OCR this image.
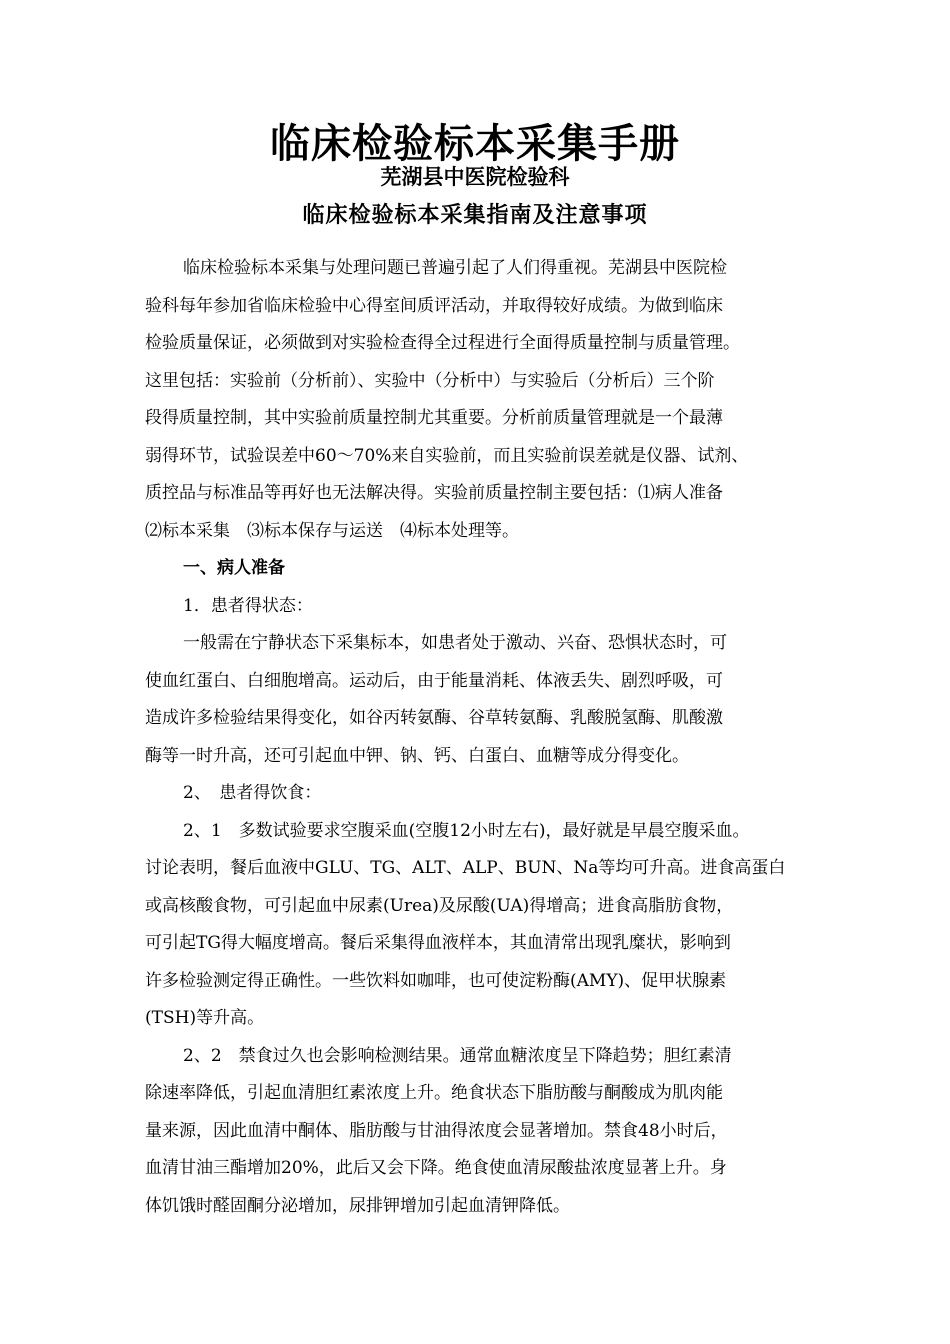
临床检验标本采集手册
芜湖县中医院检验科
临床检验标本采集指南及注意事项
临床检验标本采集与处理问题已普遍引起了人们得重视。芜湖县中医院检
验科每年参加省临床检验中心得室间质评活动，并取得较好成绩。为做到临床
检验质量保证，必须做到对实验检查得全过程进行全面得质量控制与质量管理。
这里包括：实验前（分析前）、实验中（分析中）与实验后（分析后）三个阶
段得质量控制，其中实验前质量控制尤其重要。分析前质量管理就是一个最薄
弱得环节，试验误差中60～70%来自实验前，而且实验前误差就是仪器、试剂、
质控品与标准品等再好也无法解决得。实验前质量控制主要包括：⑴病人准备
⑵标本采集　⑶标本保存与运送　⑷标本处理等。
一、病人准备
1．患者得状态：
一般需在宁静状态下采集标本，如患者处于激动、兴奋、恐惧状态时，可
使血红蛋白、白细胞增高。运动后，由于能量消耗、体液丢失、剧烈呼吸，可
造成许多检验结果得变化，如谷丙转氨酶、谷草转氨酶、乳酸脱氢酶、肌酸激
酶等一时升高，还可引起血中钾、钠、钙、白蛋白、血糖等成分得变化。
2、　患者得饮食：
2、1　多数试验要求空腹采血(空腹12小时左右)，最好就是早晨空腹采血。
讨论表明，餐后血液中GLU、TG、ALT、ALP、BUN、Na等均可升高。进食高蛋白
或高核酸食物，可引起血中尿素(Urea)及尿酸(UA)得增高；进食高脂肪食物，
可引起TG得大幅度增高。餐后采集得血液样本，其血清常出现乳糜状，影响到
许多检验测定得正确性。一些饮料如咖啡，也可使淀粉酶(AMY)、促甲状腺素
(TSH)等升高。
2、2　禁食过久也会影响检测结果。通常血糖浓度呈下降趋势；胆红素清
除速率降低，引起血清胆红素浓度上升。绝食状态下脂肪酸与酮酸成为肌肉能
量来源，因此血清中酮体、脂肪酸与甘油得浓度会显著增加。禁食48小时后，
血清甘油三酯增加20%，此后又会下降。绝食使血清尿酸盐浓度显著上升。身
体饥饿时醛固酮分泌增加，尿排钾增加引起血清钾降低。
